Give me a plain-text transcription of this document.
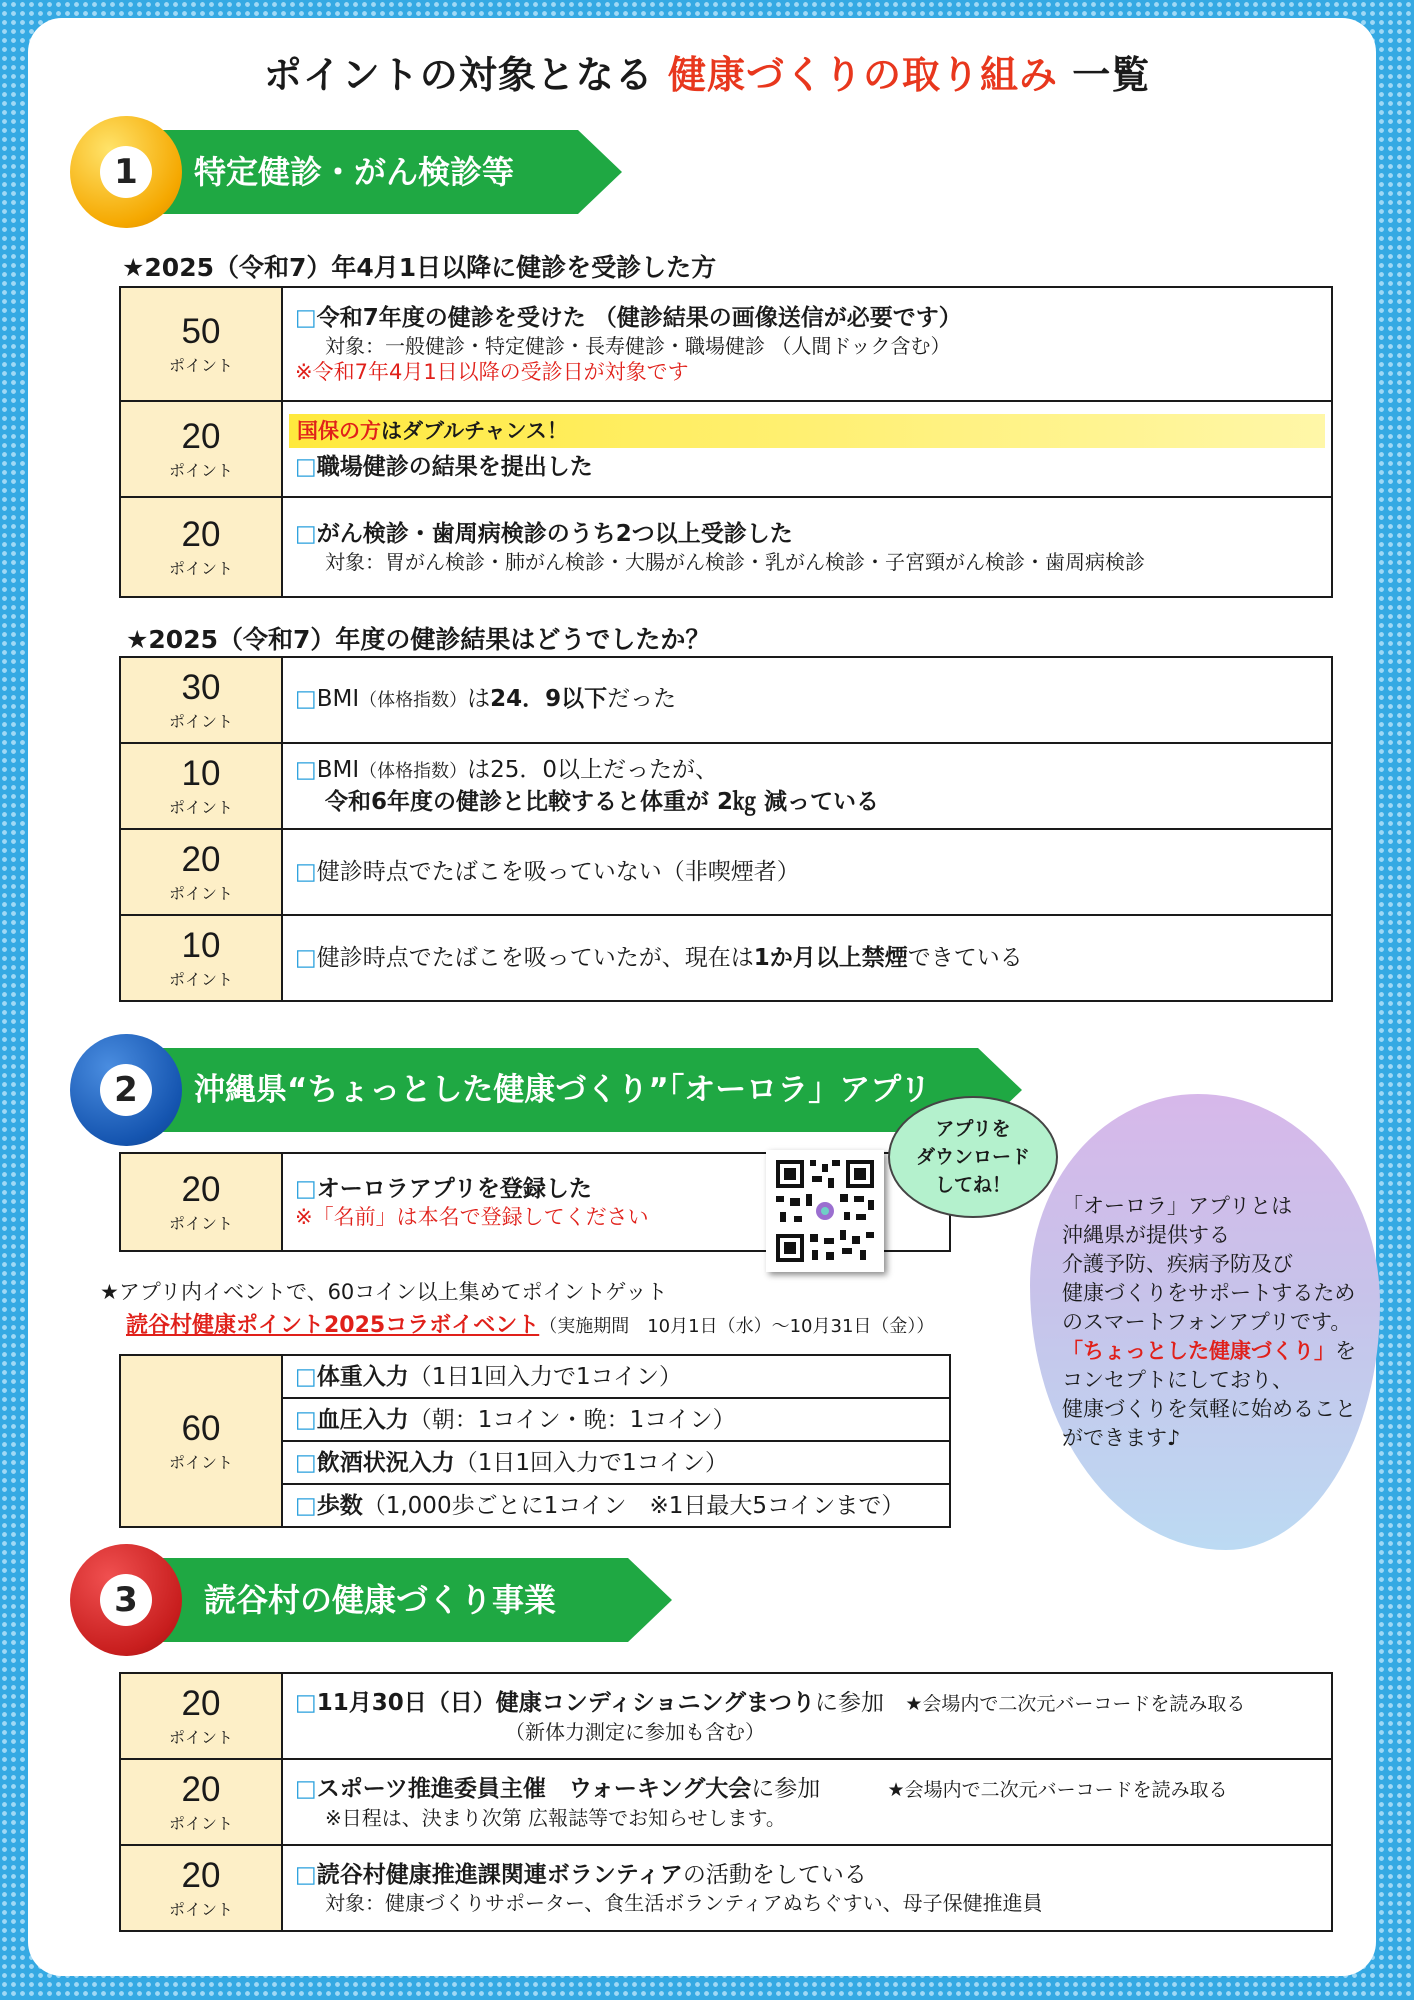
ポイントの対象となる 健康づくりの取り組み 一覧
1	特定健診・がん検診等
★2025（令和7）年4月1日以降に健診を受診した方
50
ポイント	□令和7年度の健診を受けた （健診結果の画像送信が必要です）
対象：一般健診・特定健診・長寿健診・職場健診 （人間ドック含む）
※令和7年4月1日以降の受診日が対象です

20
ポイント	国保の方はダブルチャンス！
□職場健診の結果を提出した

20
ポイント	□がん検診・歯周病検診のうち2つ以上受診した
対象：胃がん検診・肺がん検診・大腸がん検診・乳がん検診・子宮頸がん検診・歯周病検診
★2025（令和7）年度の健診結果はどうでしたか？
30
ポイント	□BMI（体格指数）は24．9以下だった

10
ポイント	□BMI（体格指数）は25．0以上だったが、
令和6年度の健診と比較すると体重が 2㎏ 減っている

20
ポイント	□健診時点でたばこを吸っていない（非喫煙者）

10
ポイント	□健診時点でたばこを吸っていたが、現在は1か月以上禁煙できている
2	沖縄県“ちょっとした健康づくり”「オーロラ」アプリ
「オーロラ」アプリとは
沖縄県が提供する
介護予防、疾病予防及び
健康づくりをサポートするため
のスマートフォンアプリです。
「ちょっとした健康づくり」を
コンセプトにしており、
健康づくりを気軽に始めること
ができます♪
20
ポイント
	□オーロラアプリを登録した
※「名前」は本名で登録してください
アプリを
ダウンロード
してね！
★アプリ内イベントで、60コイン以上集めてポイントゲット
読谷村健康ポイント2025コラボイベント（実施期間　10月1日（水）～10月31日（金））
60
ポイント
	□体重入力（1日1回入力で1コイン）
□血圧入力（朝：1コイン・晩：1コイン）
□飲酒状況入力（1日1回入力で1コイン）
□歩数（1,000歩ごとに1コイン　※1日最大5コインまで）
3	読谷村の健康づくり事業
20
ポイント	□11月30日（日）健康コンディショニングまつりに参加 ★会場内で二次元バーコードを読み取る
（新体力測定に参加も含む）

20
ポイント	□スポーツ推進委員主催　ウォーキング大会に参加 ★会場内で二次元バーコードを読み取る
※日程は、決まり次第 広報誌等でお知らせします。

20
ポイント	□読谷村健康推進課関連ボランティアの活動をしている
対象：健康づくりサポーター、食生活ボランティアぬちぐすい、母子保健推進員
